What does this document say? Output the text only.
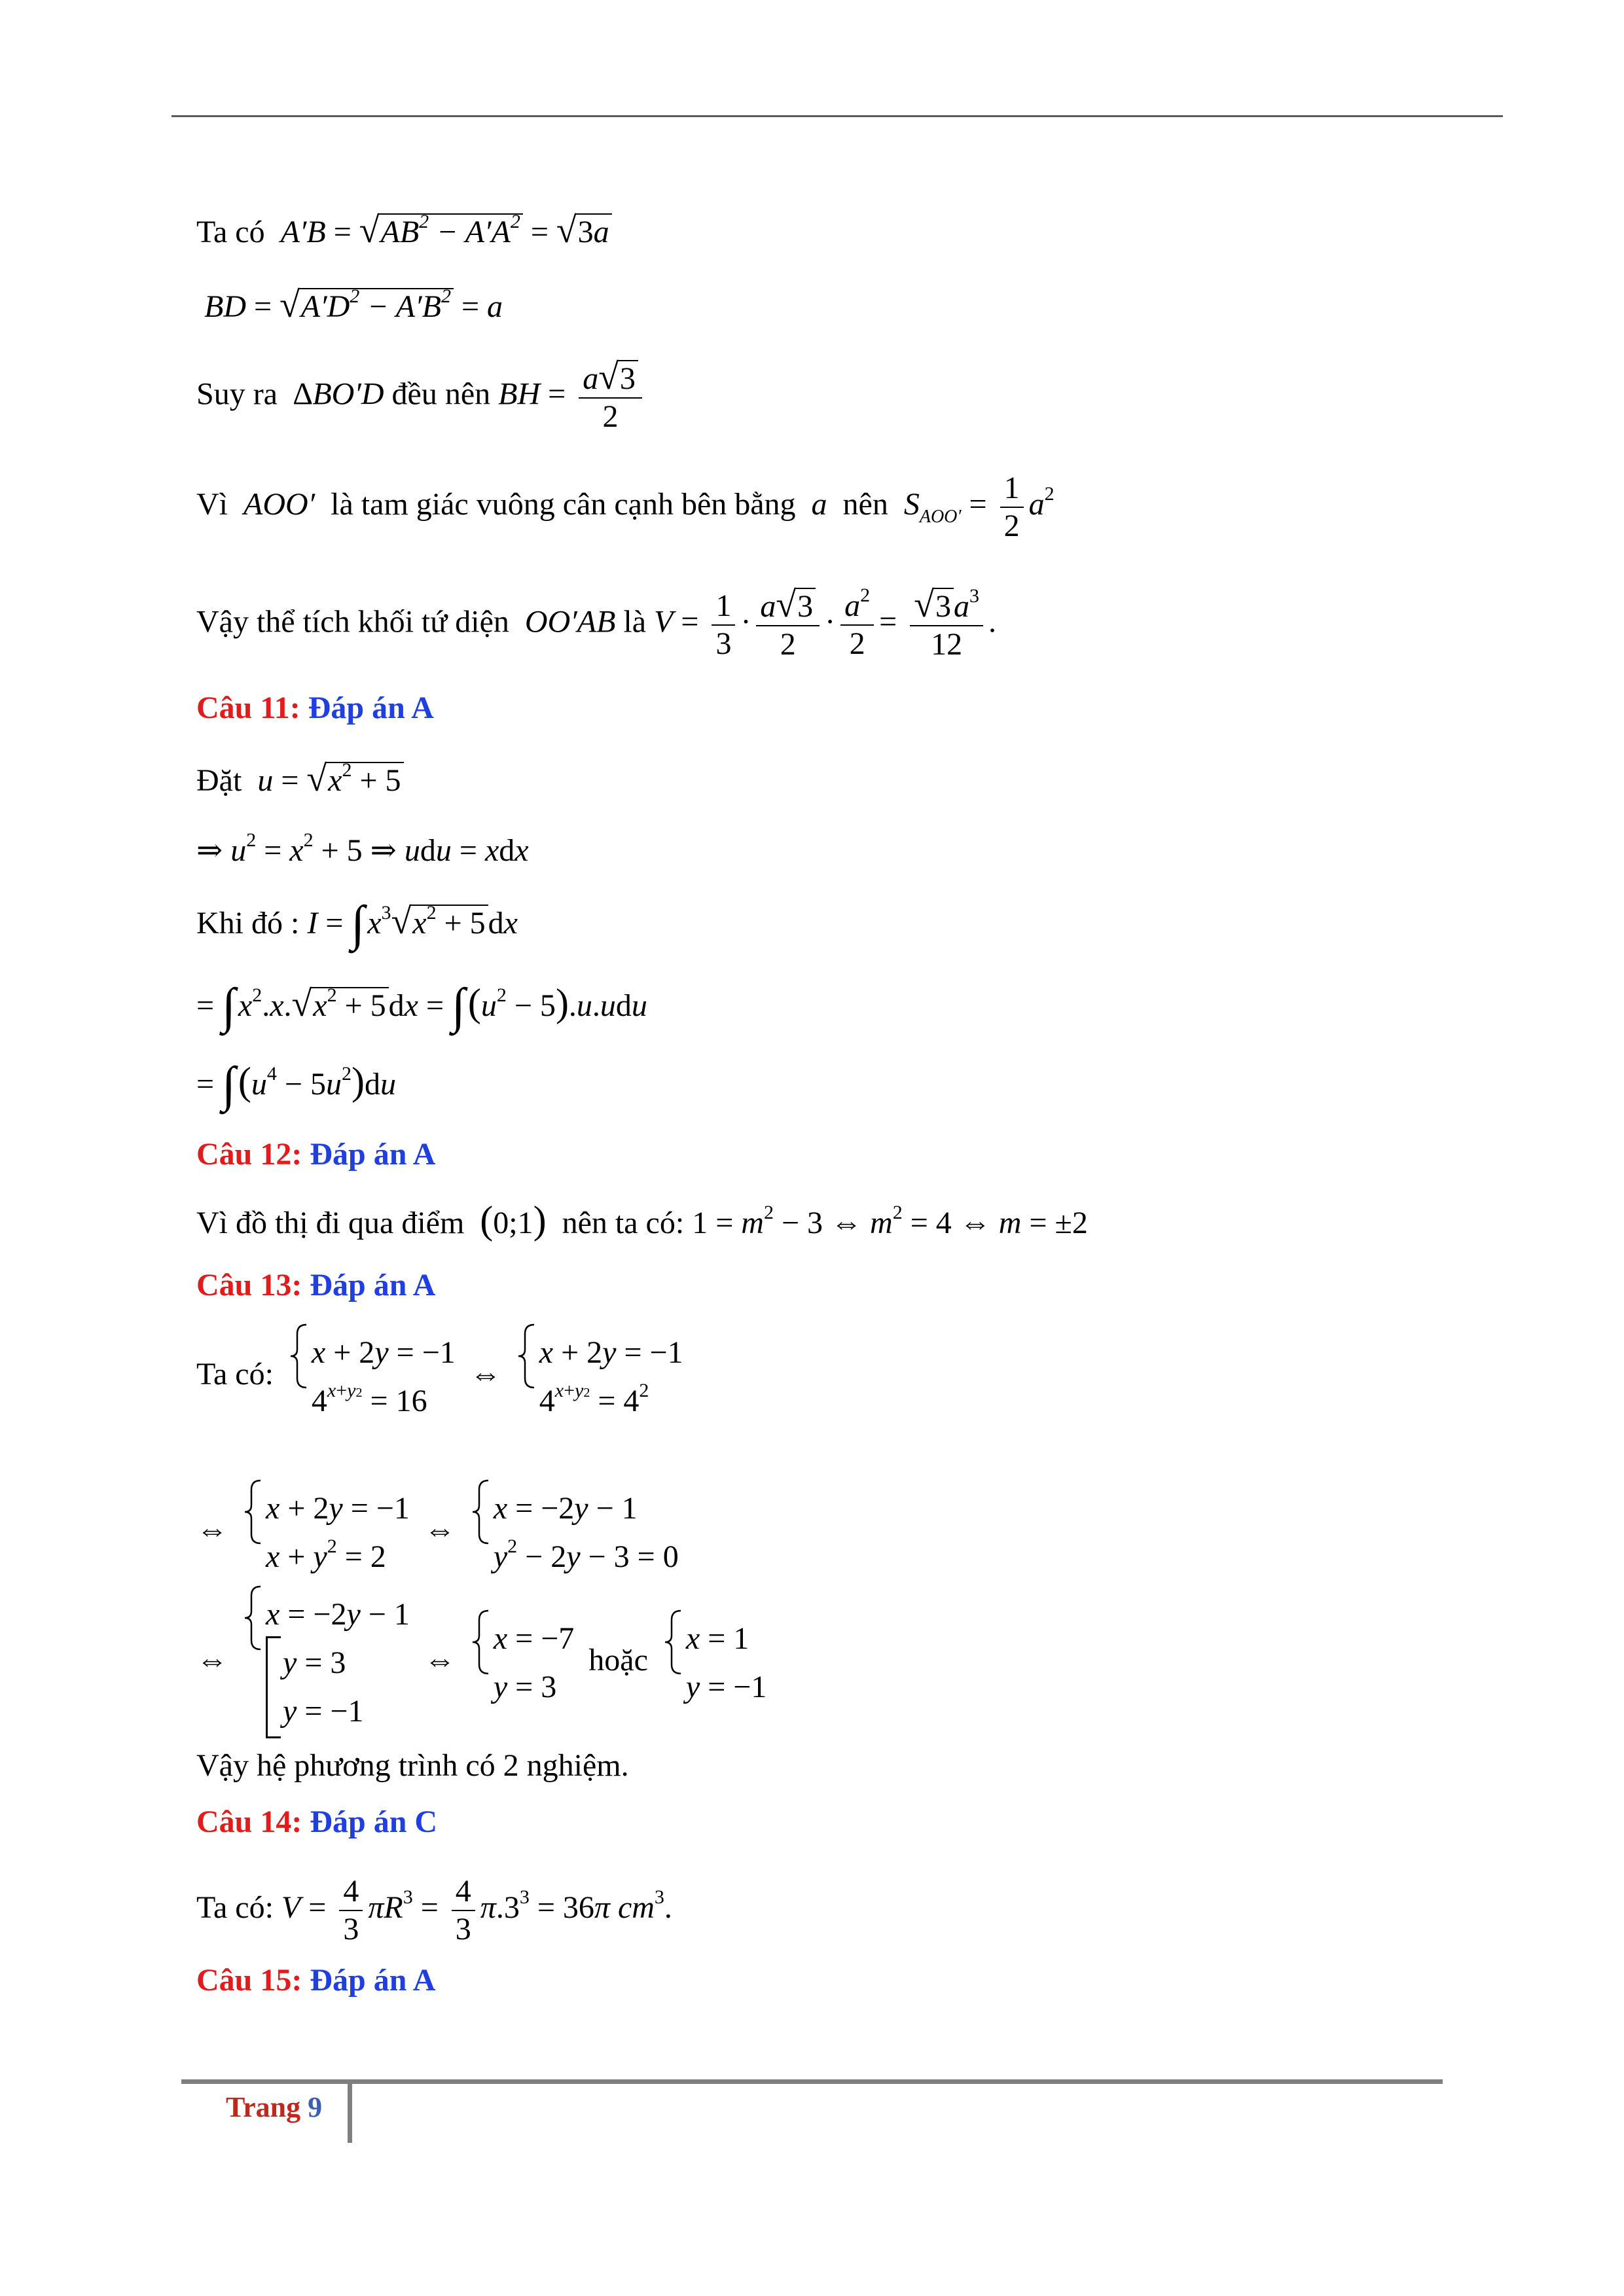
Ta có  $A'B = √AB^2 - A'A^2 = √3a$
BD = $√A'D^2 - A'B^2 = a$
Suy ra  ∆BO′D đều nên BH = $\frac{a√3}{2}$
Vì AOO′ là tam giác vuông cân cạnh bên bằng a nên $S_{AOO'} = \frac{1}{2} a^2$
Vậy thể tích khối tứ diện OO′AB là $V = \frac{1}{3} \cdot \frac{a√3}{2} \cdot \frac{a^2}{2} = \frac{√3a^3}{12}$ .
Câu 11: Đáp án A
Đặt $u = √x^2 + 5$
⇒ $u^2 = x^2 + 5$ ⇒ udu = xdx
Khi đó : $I = \int x^3√x^2 + 5dx$
= $\int x^2.x.√x^2 + 5dx = \int(u^2 - 5).u.udu$
= $\int(u^4 - 5u^2)du$
Câu 12: Đáp án A
Vì đồ thị đi qua điểm (0;1) nên ta có: $1 = m^2 - 3$ ⇔ $m^2 = 4$ ⇔ m = ±2
Câu 13: Đáp án A
Ta có:
x + 2y = −1
$4^{x+y2} = 16$
⇔
x + 2y = −1
$4^{x+y2} = 4^2$
⇔
x + 2y = −1
$x + y^2 = 2$
⇔
x = −2y − 1
$y^2 - 2y - 3 = 0$
⇔
x = −2y − 1
y = 3
y = −1
⇔
x = −7
y = 3
hoặc
x = 1
y = −1
Vậy hệ phương trình có 2 nghiệm.
Câu 14: Đáp án C
Ta có: $V = \frac{4}{3} \pi R^3 = \frac{4}{3} \pi.3^3 = 36\pi$ $cm^3$.
Câu 15: Đáp án A
Trang 9
